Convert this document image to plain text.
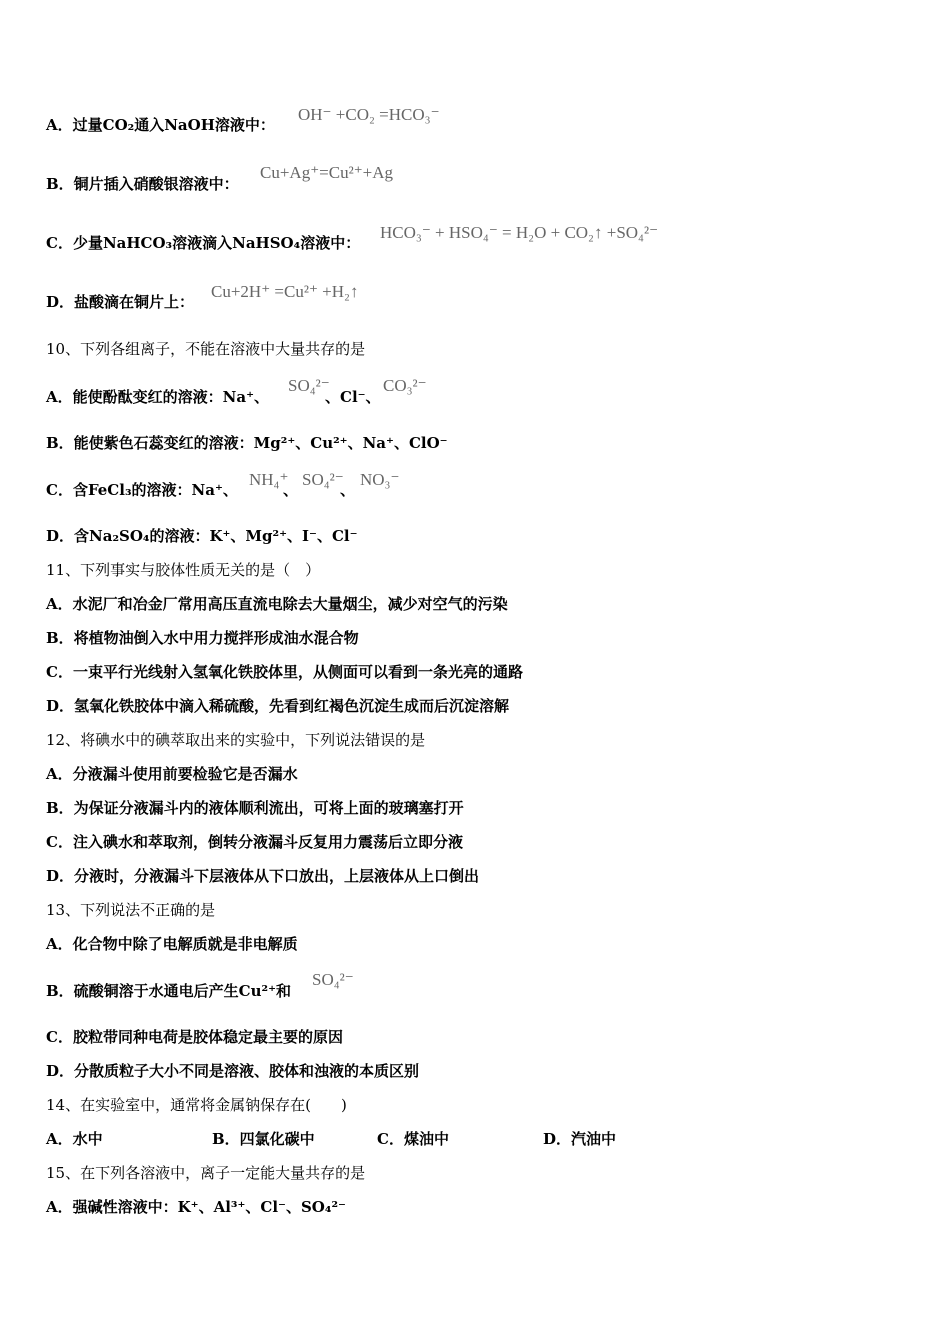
A．过量CO₂通入NaOH溶液中：
OH⁻ +CO₂ =HCO₃⁻
B．铜片插入硝酸银溶液中：
Cu+Ag⁺=Cu²⁺+Ag
C．少量NaHCO₃溶液滴入NaHSO₄溶液中：
HCO₃⁻ + HSO₄⁻ = H₂O + CO₂↑ +SO₄²⁻
D．盐酸滴在铜片上：
Cu+2H⁺ =Cu²⁺ +H₂↑
10、下列各组离子，不能在溶液中大量共存的是
A．能使酚酞变红的溶液：Na⁺、
SO₄²⁻
、Cl⁻、
CO₃²⁻
B．能使紫色石蕊变红的溶液：Mg²⁺、Cu²⁺、Na⁺、ClO⁻
C．含FeCl₃的溶液：Na⁺、
NH₄⁺
、
SO₄²⁻
、
NO₃⁻
D．含Na₂SO₄的溶液：K⁺、Mg²⁺、I⁻、Cl⁻
11、下列事实与胶体性质无关的是（　）
A．水泥厂和冶金厂常用高压直流电除去大量烟尘，减少对空气的污染
B．将植物油倒入水中用力搅拌形成油水混合物
C．一束平行光线射入氢氧化铁胶体里，从侧面可以看到一条光亮的通路
D．氢氧化铁胶体中滴入稀硫酸，先看到红褐色沉淀生成而后沉淀溶解
12、将碘水中的碘萃取出来的实验中，下列说法错误的是
A．分液漏斗使用前要检验它是否漏水
B．为保证分液漏斗内的液体顺利流出，可将上面的玻璃塞打开
C．注入碘水和萃取剂，倒转分液漏斗反复用力震荡后立即分液
D．分液时，分液漏斗下层液体从下口放出，上层液体从上口倒出
13、下列说法不正确的是
A．化合物中除了电解质就是非电解质
B．硫酸铜溶于水通电后产生Cu²⁺和
SO₄²⁻
C．胶粒带同种电荷是胶体稳定最主要的原因
D．分散质粒子大小不同是溶液、胶体和浊液的本质区别
14、在实验室中，通常将金属钠保存在(　　)
A．水中	B．四氯化碳中	C．煤油中	D．汽油中
15、在下列各溶液中，离子一定能大量共存的是
A．强碱性溶液中：K⁺、Al³⁺、Cl⁻、SO₄²⁻
